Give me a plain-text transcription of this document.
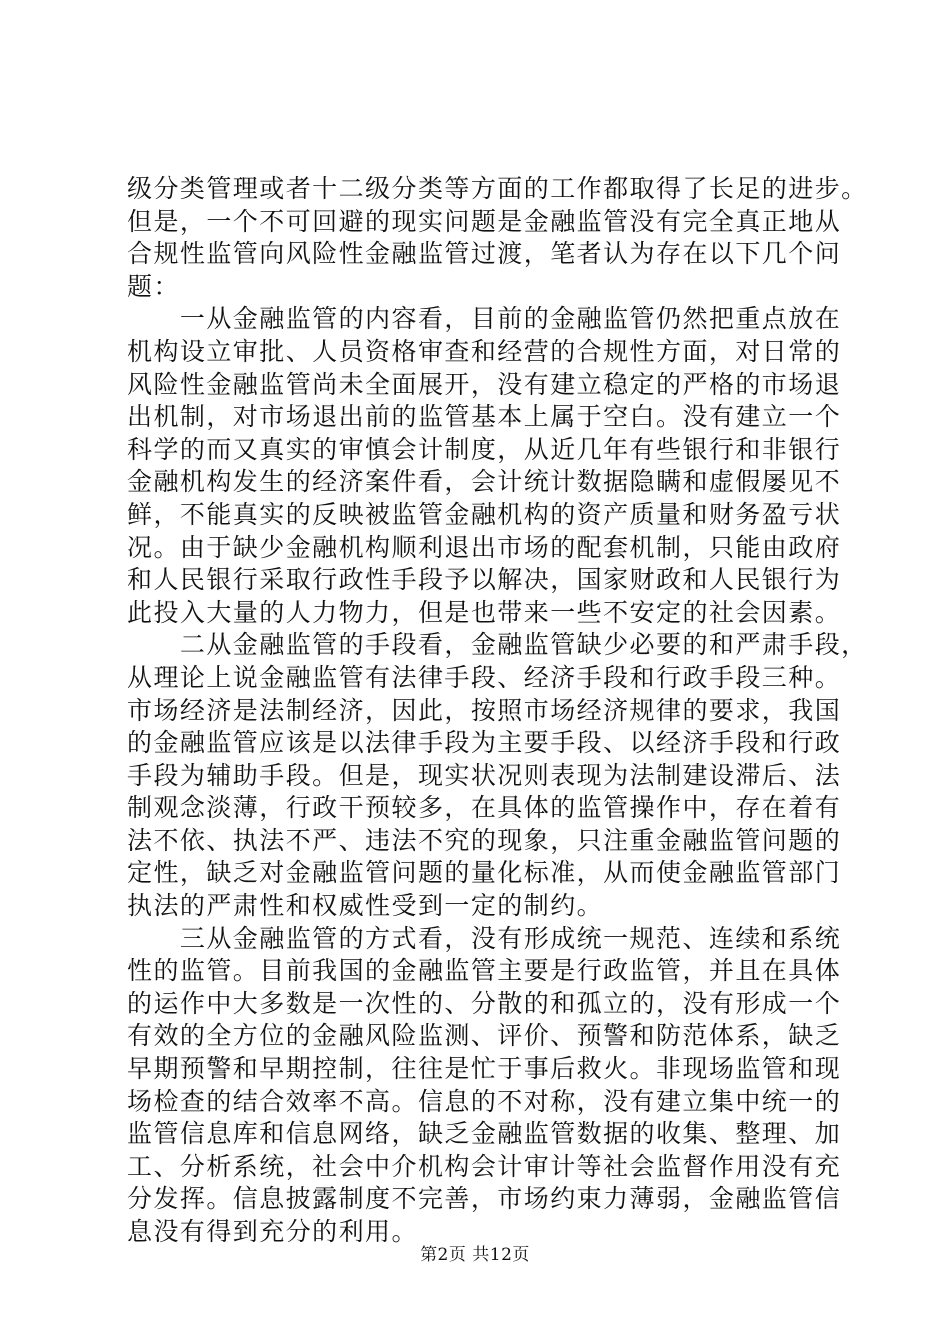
级分类管理或者十二级分类等方面的工作都取得了长足的进步。
但是，一个不可回避的现实问题是金融监管没有完全真正地从
合规性监管向风险性金融监管过渡，笔者认为存在以下几个问
题：
　　一从金融监管的内容看，目前的金融监管仍然把重点放在
机构设立审批、人员资格审查和经营的合规性方面，对日常的
风险性金融监管尚未全面展开，没有建立稳定的严格的市场退
出机制，对市场退出前的监管基本上属于空白。没有建立一个
科学的而又真实的审慎会计制度，从近几年有些银行和非银行
金融机构发生的经济案件看，会计统计数据隐瞒和虚假屡见不
鲜，不能真实的反映被监管金融机构的资产质量和财务盈亏状
况。由于缺少金融机构顺利退出市场的配套机制，只能由政府
和人民银行采取行政性手段予以解决，国家财政和人民银行为
此投入大量的人力物力，但是也带来一些不安定的社会因素。
　　二从金融监管的手段看，金融监管缺少必要的和严肃手段，
从理论上说金融监管有法律手段、经济手段和行政手段三种。
市场经济是法制经济，因此，按照市场经济规律的要求，我国
的金融监管应该是以法律手段为主要手段、以经济手段和行政
手段为辅助手段。但是，现实状况则表现为法制建设滞后、法
制观念淡薄，行政干预较多，在具体的监管操作中，存在着有
法不依、执法不严、违法不究的现象，只注重金融监管问题的
定性，缺乏对金融监管问题的量化标准，从而使金融监管部门
执法的严肃性和权威性受到一定的制约。
　　三从金融监管的方式看，没有形成统一规范、连续和系统
性的监管。目前我国的金融监管主要是行政监管，并且在具体
的运作中大多数是一次性的、分散的和孤立的，没有形成一个
有效的全方位的金融风险监测、评价、预警和防范体系，缺乏
早期预警和早期控制，往往是忙于事后救火。非现场监管和现
场检查的结合效率不高。信息的不对称，没有建立集中统一的
监管信息库和信息网络，缺乏金融监管数据的收集、整理、加
工、分析系统，社会中介机构会计审计等社会监督作用没有充
分发挥。信息披露制度不完善，市场约束力薄弱，金融监管信
息没有得到充分的利用。
第2页 共12页
